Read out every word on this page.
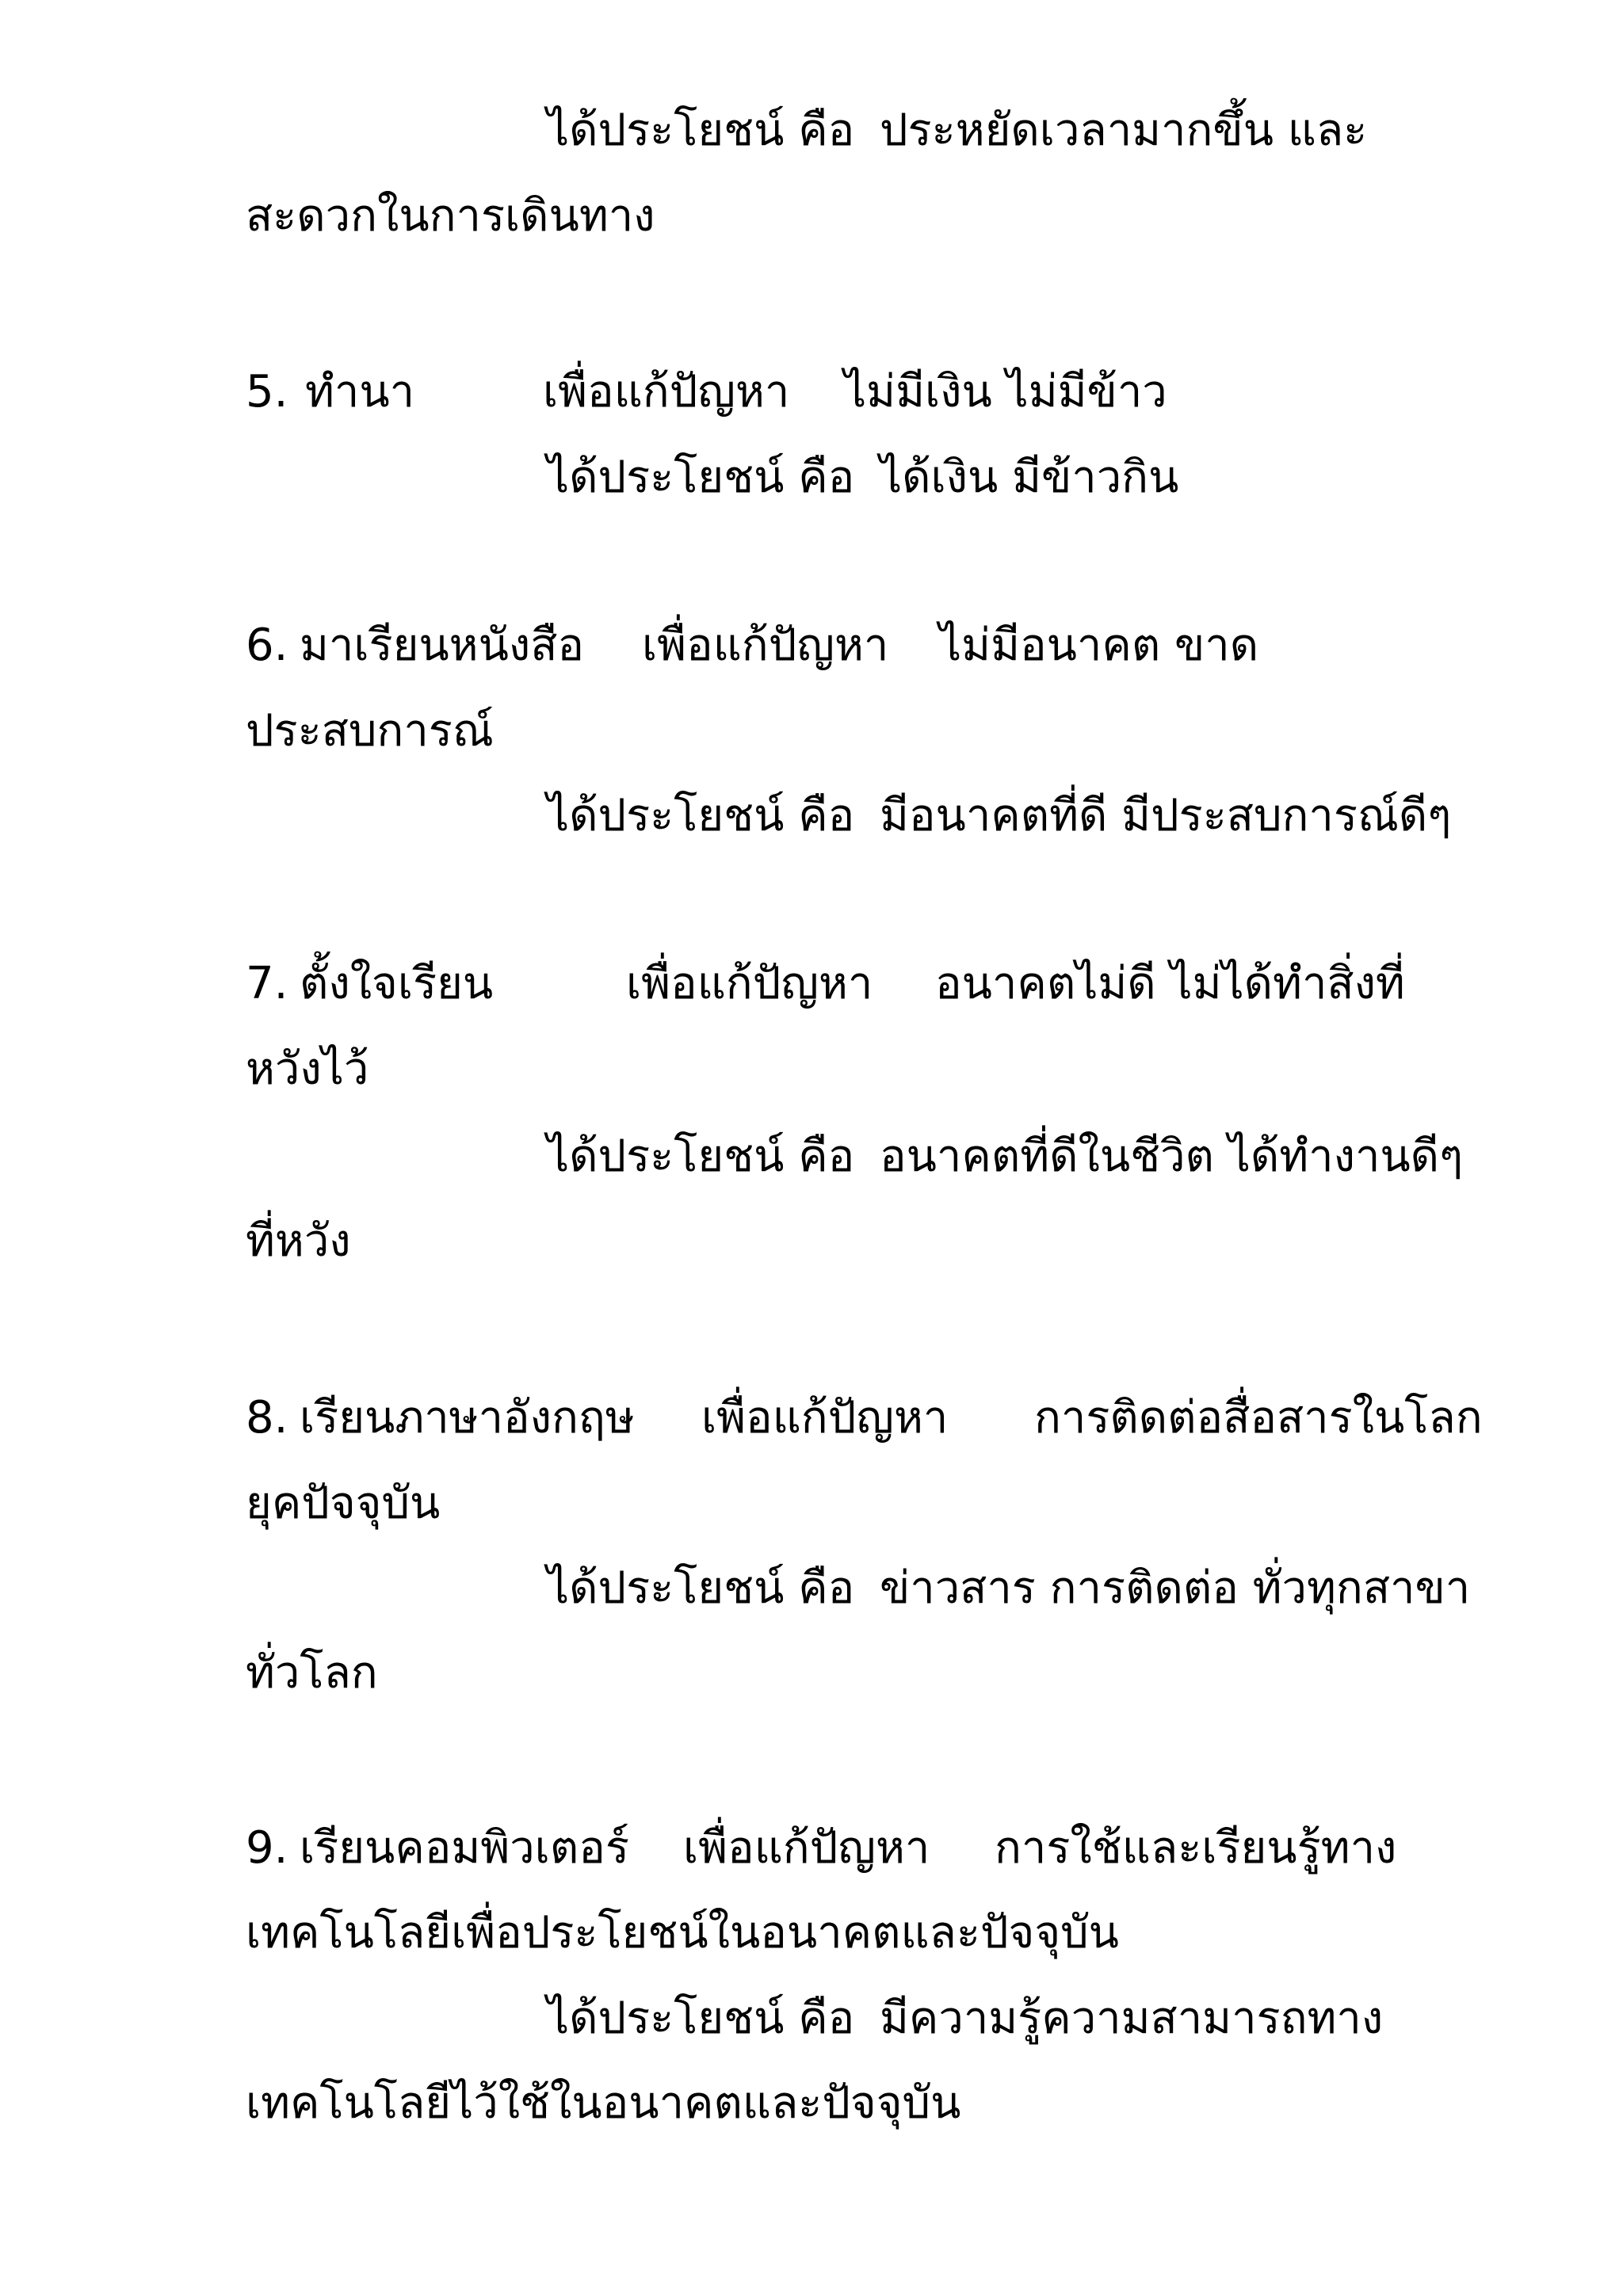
ได้ประโยชน์ คือ ประหยัดเวลามากขึ้น และ
สะดวกในการเดินทาง
5. ทำนา	เพื่อแก้ปัญหา ไม่มีเงิน ไม่มีข้าว
ได้ประโยชน์ คือ ได้เงิน มีข้าวกิน
6. มาเรียนหนังสือ เพื่อแก้ปัญหา ไม่มีอนาคต ขาด
ประสบการณ์
ได้ประโยชน์ คือ มีอนาคตที่ดี มีประสบการณ์ดีๆ
7. ตั้งใจเรียน	เพื่อแก้ปัญหา อนาคตไม่ดี ไม่ได้ทำสิ่งที่
หวังไว้
ได้ประโยชน์ คือ อนาคตที่ดีในชีวิต ได้ทำงานดีๆ
ที่หวัง
8. เรียนภาษาอังกฤษ เพื่อแก้ปัญหา การติดต่อสื่อสารในโลก
ยุคปัจจุบัน
ได้ประโยชน์ คือ ข่าวสาร การติดต่อ ทั่วทุกสาขา
ทั่วโลก
9. เรียนคอมพิวเตอร์ เพื่อแก้ปัญหา การใช้และเรียนรู้ทาง
เทคโนโลยีเพื่อประโยชน์ในอนาคตและปัจจุบัน
ได้ประโยชน์ คือ มีความรู้ความสามารถทาง
เทคโนโลยีไว้ใช้ในอนาคตและปัจจุบัน
